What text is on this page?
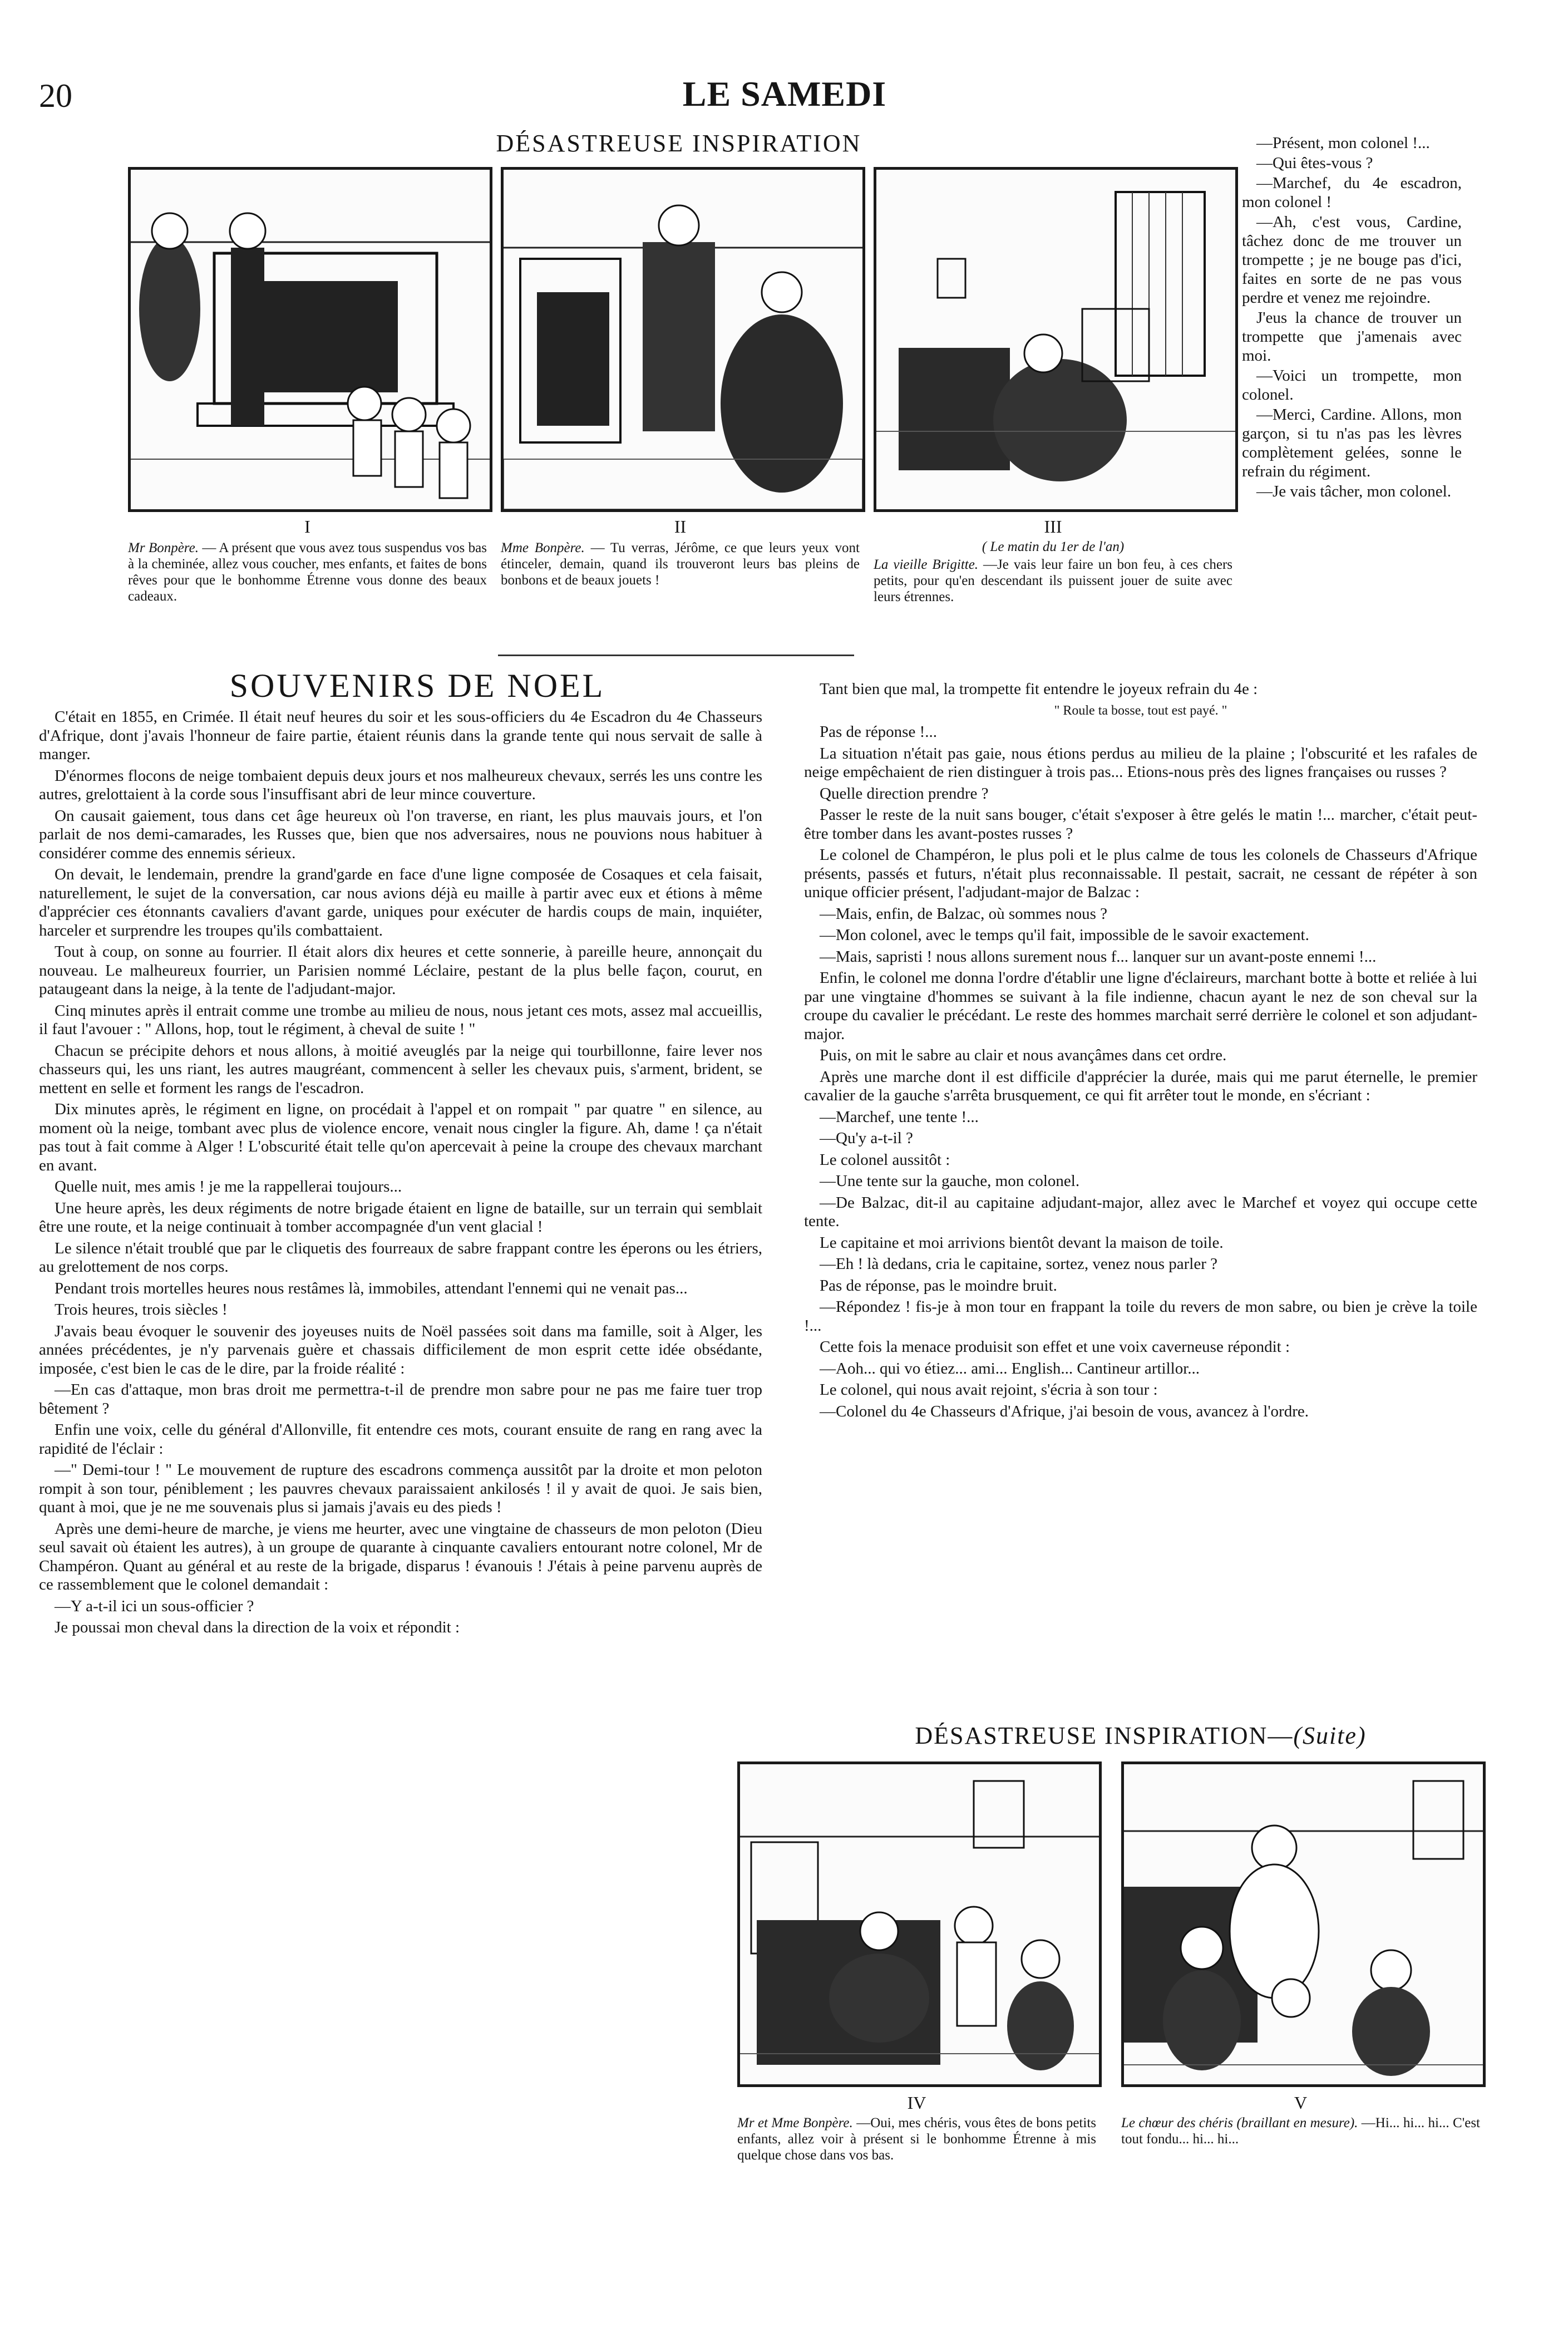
20	LE SAMEDI
DÉSASTREUSE INSPIRATION
I
Mr Bonpère. — A présent que vous avez tous suspendus vos bas à la cheminée, allez vous coucher, mes enfants, et faites de bons rêves pour que le bonhomme Étrenne vous donne des beaux cadeaux.
II
Mme Bonpère. — Tu verras, Jérôme, ce que leurs yeux vont étinceler, demain, quand ils trouveront leurs bas pleins de bonbons et de beaux jouets !
III
( Le matin du 1er de l'an)
La vieille Brigitte. —Je vais leur faire un bon feu, à ces chers petits, pour qu'en descendant ils puissent jouer de suite avec leurs étrennes.

—Présent, mon colonel !...

—Qui êtes-vous ?

—Marchef, du 4e escadron, mon colonel !

—Ah, c'est vous, Cardine, tâchez donc de me trouver un trompette ; je ne bouge pas d'ici, faites en sorte de ne pas vous perdre et venez me rejoindre.

J'eus la chance de trouver un trompette que j'amenais avec moi.

—Voici un trompette, mon colonel.

—Merci, Cardine. Allons, mon garçon, si tu n'as pas les lèvres complètement gelées, sonne le refrain du régiment.

—Je vais tâcher, mon colonel.

SOUVENIRS DE NOEL

C'était en 1855, en Crimée. Il était neuf heures du soir et les sous-officiers du 4e Escadron du 4e Chasseurs d'Afrique, dont j'avais l'honneur de faire partie, étaient réunis dans la grande tente qui nous servait de salle à manger.

D'énormes flocons de neige tombaient depuis deux jours et nos malheureux chevaux, serrés les uns contre les autres, grelottaient à la corde sous l'insuffisant abri de leur mince couverture.

On causait gaiement, tous dans cet âge heureux où l'on traverse, en riant, les plus mauvais jours, et l'on parlait de nos demi-camarades, les Russes que, bien que nos adversaires, nous ne pouvions nous habituer à considérer comme des ennemis sérieux.

On devait, le lendemain, prendre la grand'garde en face d'une ligne composée de Cosaques et cela faisait, naturellement, le sujet de la conversation, car nous avions déjà eu maille à partir avec eux et étions à même d'apprécier ces étonnants cavaliers d'avant garde, uniques pour exécuter de hardis coups de main, inquiéter, harceler et surprendre les troupes qu'ils combattaient.

Tout à coup, on sonne au fourrier. Il était alors dix heures et cette sonnerie, à pareille heure, annonçait du nouveau. Le malheureux fourrier, un Parisien nommé Léclaire, pestant de la plus belle façon, courut, en pataugeant dans la neige, à la tente de l'adjudant-major.

Cinq minutes après il entrait comme une trombe au milieu de nous, nous jetant ces mots, assez mal accueillis, il faut l'avouer : " Allons, hop, tout le régiment, à cheval de suite ! "

Chacun se précipite dehors et nous allons, à moitié aveuglés par la neige qui tourbillonne, faire lever nos chasseurs qui, les uns riant, les autres maugréant, commencent à seller les chevaux puis, s'arment, brident, se mettent en selle et forment les rangs de l'escadron.

Dix minutes après, le régiment en ligne, on procédait à l'appel et on rompait " par quatre " en silence, au moment où la neige, tombant avec plus de violence encore, venait nous cingler la figure. Ah, dame ! ça n'était pas tout à fait comme à Alger ! L'obscurité était telle qu'on apercevait à peine la croupe des chevaux marchant en avant.

Quelle nuit, mes amis ! je me la rappellerai toujours...

Une heure après, les deux régiments de notre brigade étaient en ligne de bataille, sur un terrain qui semblait être une route, et la neige continuait à tomber accompagnée d'un vent glacial !

Le silence n'était troublé que par le cliquetis des fourreaux de sabre frappant contre les éperons ou les étriers, au grelottement de nos corps.

Pendant trois mortelles heures nous restâmes là, immobiles, attendant l'ennemi qui ne venait pas...

Trois heures, trois siècles !

J'avais beau évoquer le souvenir des joyeuses nuits de Noël passées soit dans ma famille, soit à Alger, les années précédentes, je n'y parvenais guère et chassais difficilement de mon esprit cette idée obsédante, imposée, c'est bien le cas de le dire, par la froide réalité :

—En cas d'attaque, mon bras droit me permettra-t-il de prendre mon sabre pour ne pas me faire tuer trop bêtement ?

Enfin une voix, celle du général d'Allonville, fit entendre ces mots, courant ensuite de rang en rang avec la rapidité de l'éclair :

—" Demi-tour ! " Le mouvement de rupture des escadrons commença aussitôt par la droite et mon peloton rompit à son tour, péniblement ; les pauvres chevaux paraissaient ankilosés ! il y avait de quoi. Je sais bien, quant à moi, que je ne me souvenais plus si jamais j'avais eu des pieds !

Après une demi-heure de marche, je viens me heurter, avec une vingtaine de chasseurs de mon peloton (Dieu seul savait où étaient les autres), à un groupe de quarante à cinquante cavaliers entourant notre colonel, Mr de Champéron. Quant au général et au reste de la brigade, disparus ! évanouis ! J'étais à peine parvenu auprès de ce rassemblement que le colonel demandait :

—Y a-t-il ici un sous-officier ?

Je poussai mon cheval dans la direction de la voix et répondit :

Tant bien que mal, la trompette fit entendre le joyeux refrain du 4e :

" Roule ta bosse, tout est payé. "

Pas de réponse !...

La situation n'était pas gaie, nous étions perdus au milieu de la plaine ; l'obscurité et les rafales de neige empêchaient de rien distinguer à trois pas... Etions-nous près des lignes françaises ou russes ?

Quelle direction prendre ?

Passer le reste de la nuit sans bouger, c'était s'exposer à être gelés le matin !... marcher, c'était peut-être tomber dans les avant-postes russes ?

Le colonel de Champéron, le plus poli et le plus calme de tous les colonels de Chasseurs d'Afrique présents, passés et futurs, n'était plus reconnaissable. Il pestait, sacrait, ne cessant de répéter à son unique officier présent, l'adjudant-major de Balzac :

—Mais, enfin, de Balzac, où sommes nous ?

—Mon colonel, avec le temps qu'il fait, impossible de le savoir exactement.

—Mais, sapristi ! nous allons surement nous f... lanquer sur un avant-poste ennemi !...

Enfin, le colonel me donna l'ordre d'établir une ligne d'éclaireurs, marchant botte à botte et reliée à lui par une vingtaine d'hommes se suivant à la file indienne, chacun ayant le nez de son cheval sur la croupe du cavalier le précédant. Le reste des hommes marchait serré derrière le colonel et son adjudant-major.

Puis, on mit le sabre au clair et nous avançâmes dans cet ordre.

Après une marche dont il est difficile d'apprécier la durée, mais qui me parut éternelle, le premier cavalier de la gauche s'arrêta brusquement, ce qui fit arrêter tout le monde, en s'écriant :

—Marchef, une tente !...

—Qu'y a-t-il ?

Le colonel aussitôt :

—Une tente sur la gauche, mon colonel.

—De Balzac, dit-il au capitaine adjudant-major, allez avec le Marchef et voyez qui occupe cette tente.

Le capitaine et moi arrivions bientôt devant la maison de toile.

—Eh ! là dedans, cria le capitaine, sortez, venez nous parler ?

Pas de réponse, pas le moindre bruit.

—Répondez ! fis-je à mon tour en frappant la toile du revers de mon sabre, ou bien je crève la toile !...

Cette fois la menace produisit son effet et une voix caverneuse répondit :

—Aoh... qui vo étiez... ami... English... Cantineur artillor...

Le colonel, qui nous avait rejoint, s'écria à son tour :

—Colonel du 4e Chasseurs d'Afrique, j'ai besoin de vous, avancez à l'ordre.

DÉSASTREUSE INSPIRATION—(Suite)
IV
Mr et Mme Bonpère. —Oui, mes chéris, vous êtes de bons petits enfants, allez voir à présent si le bonhomme Étrenne à mis quelque chose dans vos bas.
V
Le chœur des chéris (braillant en mesure). —Hi... hi... hi... C'est tout fondu... hi... hi...
